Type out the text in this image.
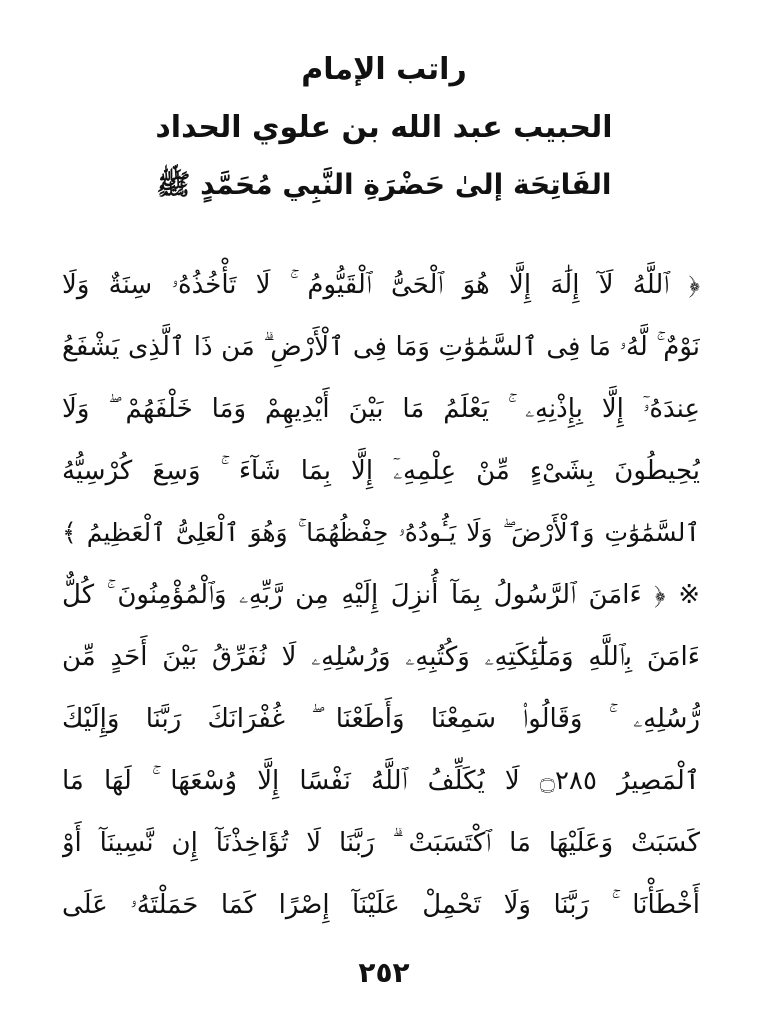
راتب الإمام
الحبيب عبد الله بن علوي الحداد
الفَاتِحَة إلىٰ حَضْرَةِ النَّبِي مُحَمَّدٍ ﷺ
﴿ ٱللَّهُ لَآ إِلَٰهَ إِلَّا هُوَ ٱلْحَىُّ ٱلْقَيُّومُ ۚ لَا تَأْخُذُهُۥ سِنَةٌ وَلَا
نَوْمٌ ۚ لَّهُۥ مَا فِى ٱلسَّمَٰوَٰتِ وَمَا فِى ٱلْأَرْضِ ۗ مَن ذَا ٱلَّذِى يَشْفَعُ
عِندَهُۥٓ إِلَّا بِإِذْنِهِۦ ۚ يَعْلَمُ مَا بَيْنَ أَيْدِيهِمْ وَمَا خَلْفَهُمْ ۖ وَلَا
يُحِيطُونَ بِشَىْءٍ مِّنْ عِلْمِهِۦٓ إِلَّا بِمَا شَآءَ ۚ وَسِعَ كُرْسِيُّهُ
ٱلسَّمَٰوَٰتِ وَٱلْأَرْضَ ۖ وَلَا يَـُٔودُهُۥ حِفْظُهُمَا ۚ وَهُوَ ٱلْعَلِىُّ ٱلْعَظِيمُ ﴾
※ ﴿ ءَامَنَ ٱلرَّسُولُ بِمَآ أُنزِلَ إِلَيْهِ مِن رَّبِّهِۦ وَٱلْمُؤْمِنُونَ ۚ كُلٌّ
ءَامَنَ بِٱللَّهِ وَمَلَٰٓئِكَتِهِۦ وَكُتُبِهِۦ وَرُسُلِهِۦ لَا نُفَرِّقُ بَيْنَ أَحَدٍ مِّن
رُّسُلِهِۦ ۚ وَقَالُوا۟ سَمِعْنَا وَأَطَعْنَا ۖ غُفْرَانَكَ رَبَّنَا وَإِلَيْكَ
ٱلْمَصِيرُ ۝٢٨٥ لَا يُكَلِّفُ ٱللَّهُ نَفْسًا إِلَّا وُسْعَهَا ۚ لَهَا مَا
كَسَبَتْ وَعَلَيْهَا مَا ٱكْتَسَبَتْ ۗ رَبَّنَا لَا تُؤَاخِذْنَآ إِن نَّسِينَآ أَوْ
أَخْطَأْنَا ۚ رَبَّنَا وَلَا تَحْمِلْ عَلَيْنَآ إِصْرًا كَمَا حَمَلْتَهُۥ عَلَى
٢٥٢
